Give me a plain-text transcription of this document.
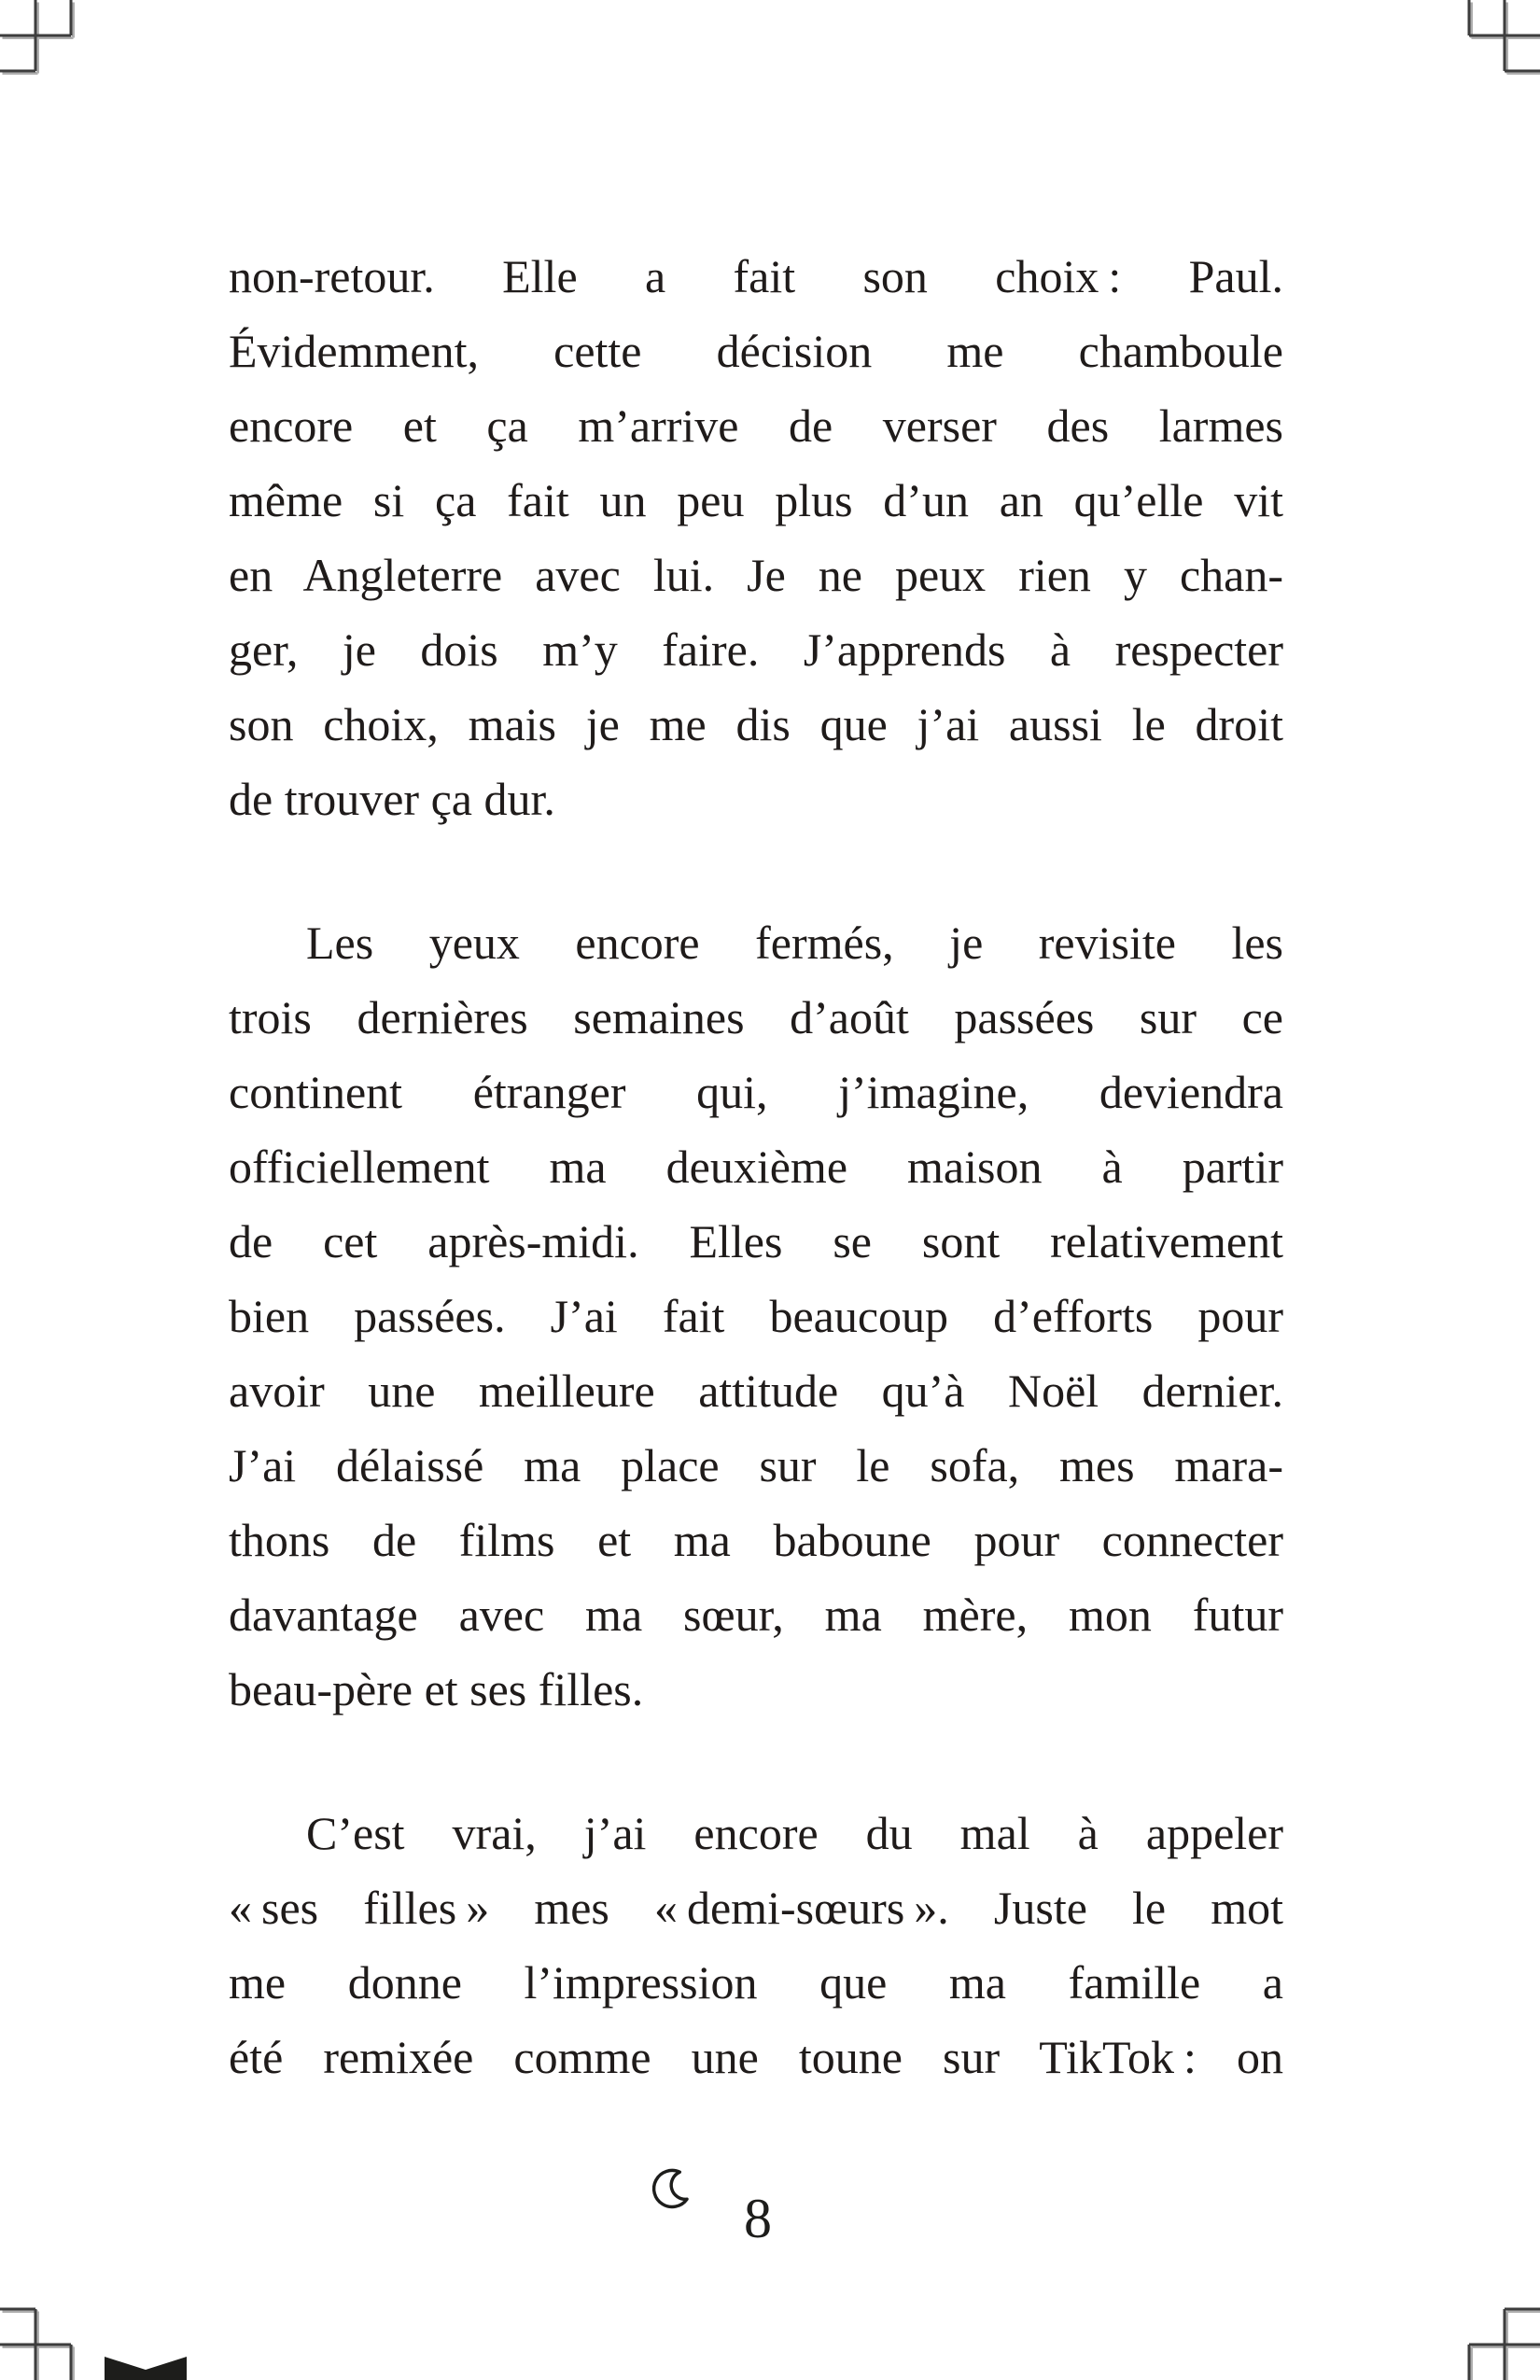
non-retour. Elle a fait son choix : Paul.
Évidemment, cette décision me chamboule
encore et ça m’arrive de verser des larmes
même si ça fait un peu plus d’un an qu’elle vit
en Angleterre avec lui. Je ne peux rien y chan-
ger, je dois m’y faire. J’apprends à respecter
son choix, mais je me dis que j’ai aussi le droit
de trouver ça dur.
Les yeux encore fermés, je revisite les
trois dernières semaines d’août passées sur ce
continent étranger qui, j’imagine, deviendra
officiellement ma deuxième maison à partir
de cet après-midi. Elles se sont relativement
bien passées. J’ai fait beaucoup d’efforts pour
avoir une meilleure attitude qu’à Noël dernier.
J’ai délaissé ma place sur le sofa, mes mara-
thons de films et ma baboune pour connecter
davantage avec ma sœur, ma mère, mon futur
beau-père et ses filles.
C’est vrai, j’ai encore du mal à appeler
« ses filles » mes « demi-sœurs ». Juste le mot
me donne l’impression que ma famille a
été remixée comme une toune sur TikTok : on
8
